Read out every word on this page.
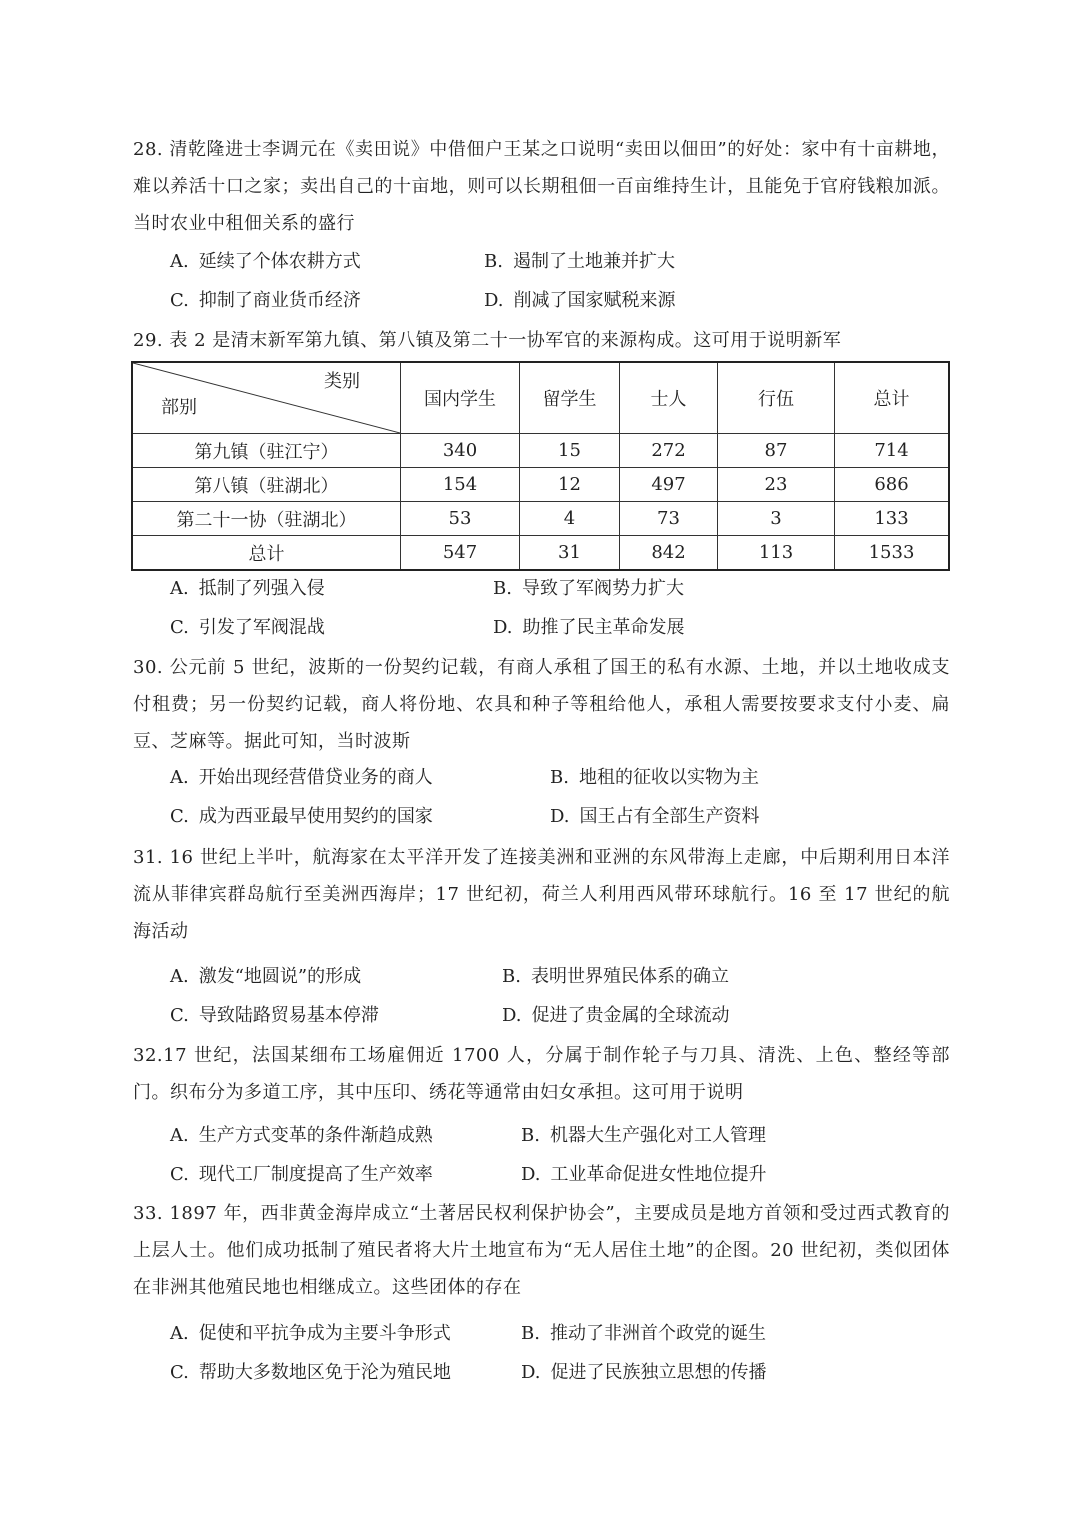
28. 清乾隆进士李调元在《卖田说》中借佃户王某之口说明“卖田以佃田”的好处：家中有十亩耕地，难以养活十口之家；卖出自己的十亩地，则可以长期租佃一百亩维持生计，且能免于官府钱粮加派。当时农业中租佃关系的盛行
A. 延续了个体农耕方式	B. 遏制了土地兼并扩大
C. 抑制了商业货币经济	D. 削减了国家赋税来源
29. 表 2 是清末新军第九镇、第八镇及第二十一协军官的来源构成。这可用于说明新军
类别
部别	国内学生	留学生	士人	行伍	总计
第九镇（驻江宁）	340	15	272	87	714
第八镇（驻湖北）	154	12	497	23	686
第二十一协（驻湖北）	53	4	73	3	133
总计	547	31	842	113	1533
A. 抵制了列强入侵	B. 导致了军阀势力扩大
C. 引发了军阀混战	D. 助推了民主革命发展
30. 公元前 5 世纪，波斯的一份契约记载，有商人承租了国王的私有水源、土地，并以土地收成支付租费；另一份契约记载，商人将份地、农具和种子等租给他人，承租人需要按要求支付小麦、扁豆、芝麻等。据此可知，当时波斯
A. 开始出现经营借贷业务的商人	B. 地租的征收以实物为主
C. 成为西亚最早使用契约的国家	D. 国王占有全部生产资料
31. 16 世纪上半叶，航海家在太平洋开发了连接美洲和亚洲的东风带海上走廊，中后期利用日本洋流从菲律宾群岛航行至美洲西海岸；17 世纪初，荷兰人利用西风带环球航行。16 至 17 世纪的航海活动
A. 激发“地圆说”的形成	B. 表明世界殖民体系的确立
C. 导致陆路贸易基本停滞	D. 促进了贵金属的全球流动
32.17 世纪，法国某细布工场雇佣近 1700 人，分属于制作轮子与刀具、清洗、上色、整经等部门。织布分为多道工序，其中压印、绣花等通常由妇女承担。这可用于说明
A. 生产方式变革的条件渐趋成熟	B. 机器大生产强化对工人管理
C. 现代工厂制度提高了生产效率	D. 工业革命促进女性地位提升
33. 1897 年，西非黄金海岸成立“土著居民权利保护协会”，主要成员是地方首领和受过西式教育的上层人士。他们成功抵制了殖民者将大片土地宣布为“无人居住土地”的企图。20 世纪初，类似团体在非洲其他殖民地也相继成立。这些团体的存在
A. 促使和平抗争成为主要斗争形式	B. 推动了非洲首个政党的诞生
C. 帮助大多数地区免于沦为殖民地	D. 促进了民族独立思想的传播
